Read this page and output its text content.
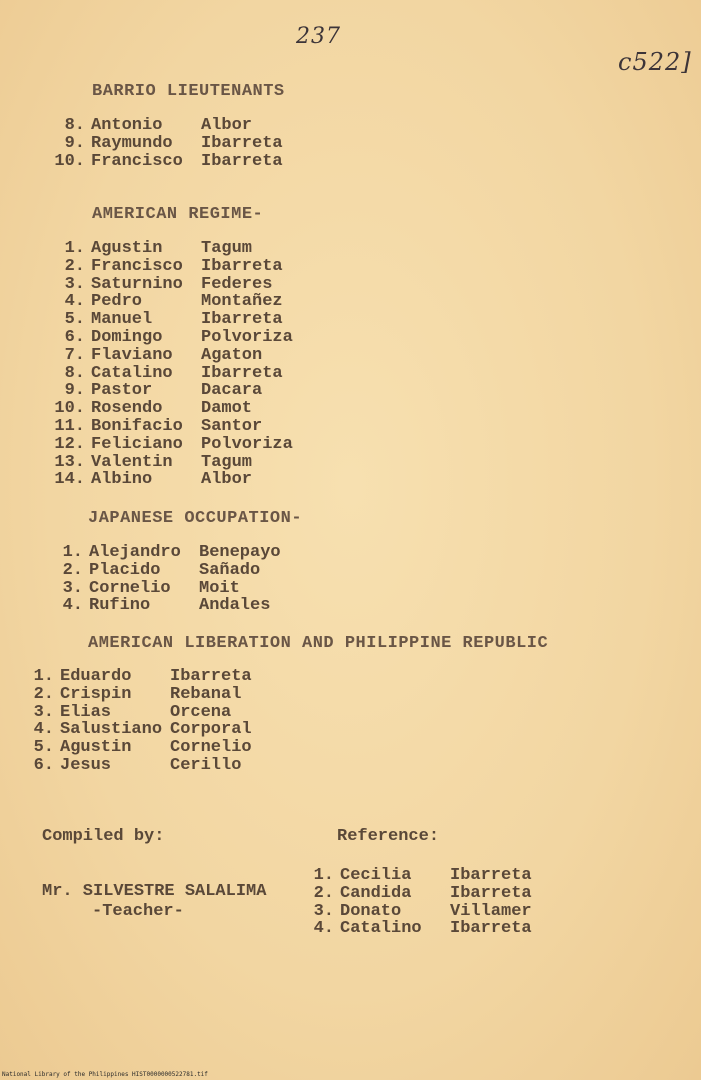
237
c522]
BARRIO LIEUTENANTS
8. Antonio Albor
9. Raymundo Ibarreta
10. Francisco Ibarreta
AMERICAN REGIME-
1. Agustin Tagum
2. Francisco Ibarreta
3. Saturnino Federes
4. Pedro	Montañez
5. Manuel	Ibarreta
6. Domingo Polvoriza
7. Flaviano Agaton
8. Catalino Ibarreta
9. Pastor	Dacara
10. Rosendo Damot
11. Bonifacio Santor
12. Feliciano Polvoriza
13. Valentin Tagum
14. Albino	Albor
JAPANESE OCCUPATION-
1. Alejandro Benepayo
2. Placido Sañado
3. Cornelio Moit
4. Rufino	Andales
AMERICAN LIBERATION AND PHILIPPINE REPUBLIC
1. Eduardo Ibarreta
2. Crispin Rebanal
3. Elias	Orcena
4. Salustiano Corporal
5. Agustin Cornelio
6. Jesus	Cerillo
Compiled by:
Mr. SILVESTRE SALALIMA
-Teacher-
Reference:
1. Cecilia Ibarreta
2. Candida Ibarreta
3. Donato	Villamer
4. Catalino Ibarreta
National Library of the Philippines HIST0000000522781.tif
